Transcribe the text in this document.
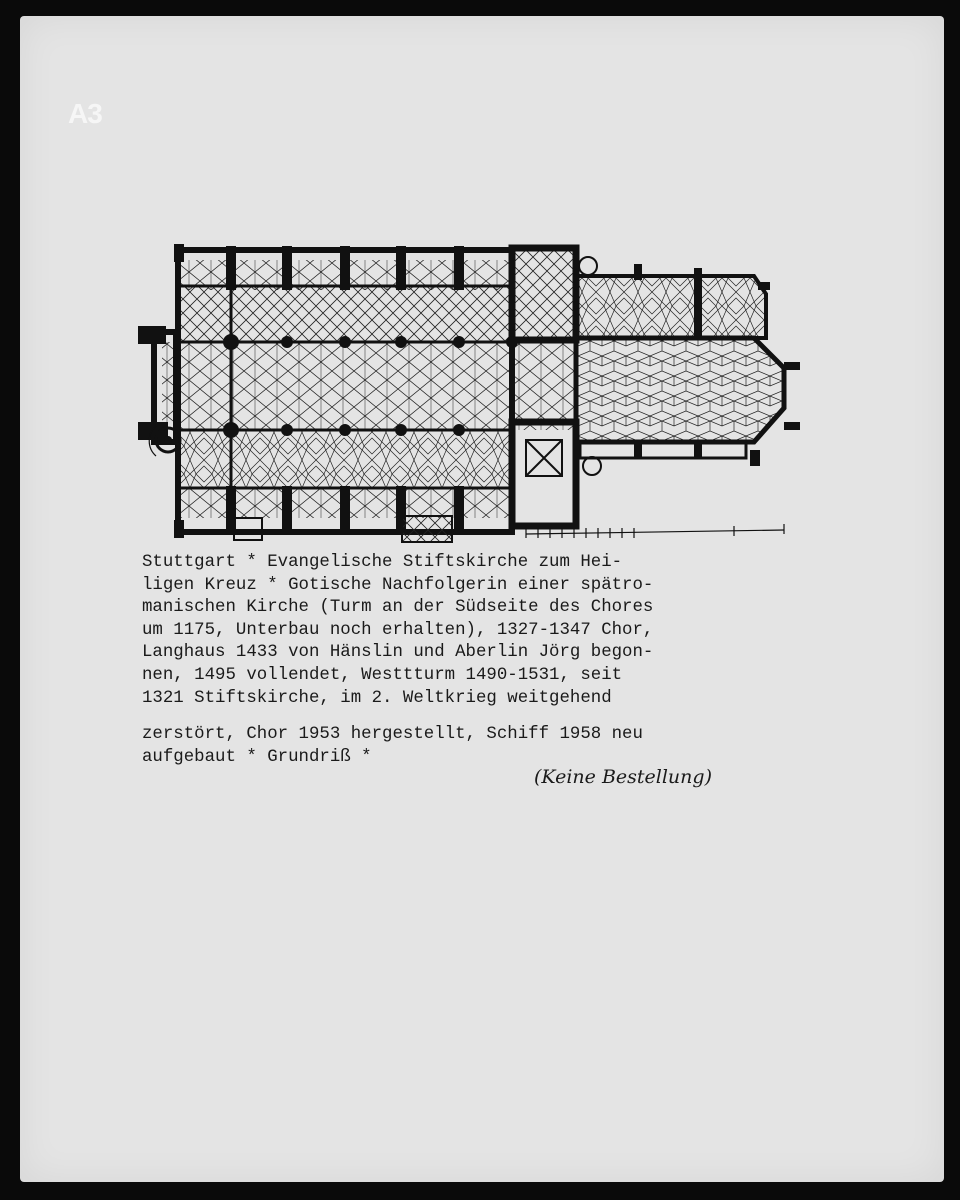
A3
Stuttgart * Evangelische Stiftskirche zum Hei-
ligen Kreuz * Gotische Nachfolgerin einer spätro-
manischen Kirche (Turm an der Südseite des Chores
um 1175, Unterbau noch erhalten), 1327-1347 Chor,
Langhaus 1433 von Hänslin und Aberlin Jörg begon-
nen, 1495 vollendet, Westtturm 1490-1531, seit
1321 Stiftskirche, im 2. Weltkrieg weitgehend
zerstört, Chor 1953 hergestellt, Schiff 1958 neu
aufgebaut * Grundriß *
(Keine Bestellung)
